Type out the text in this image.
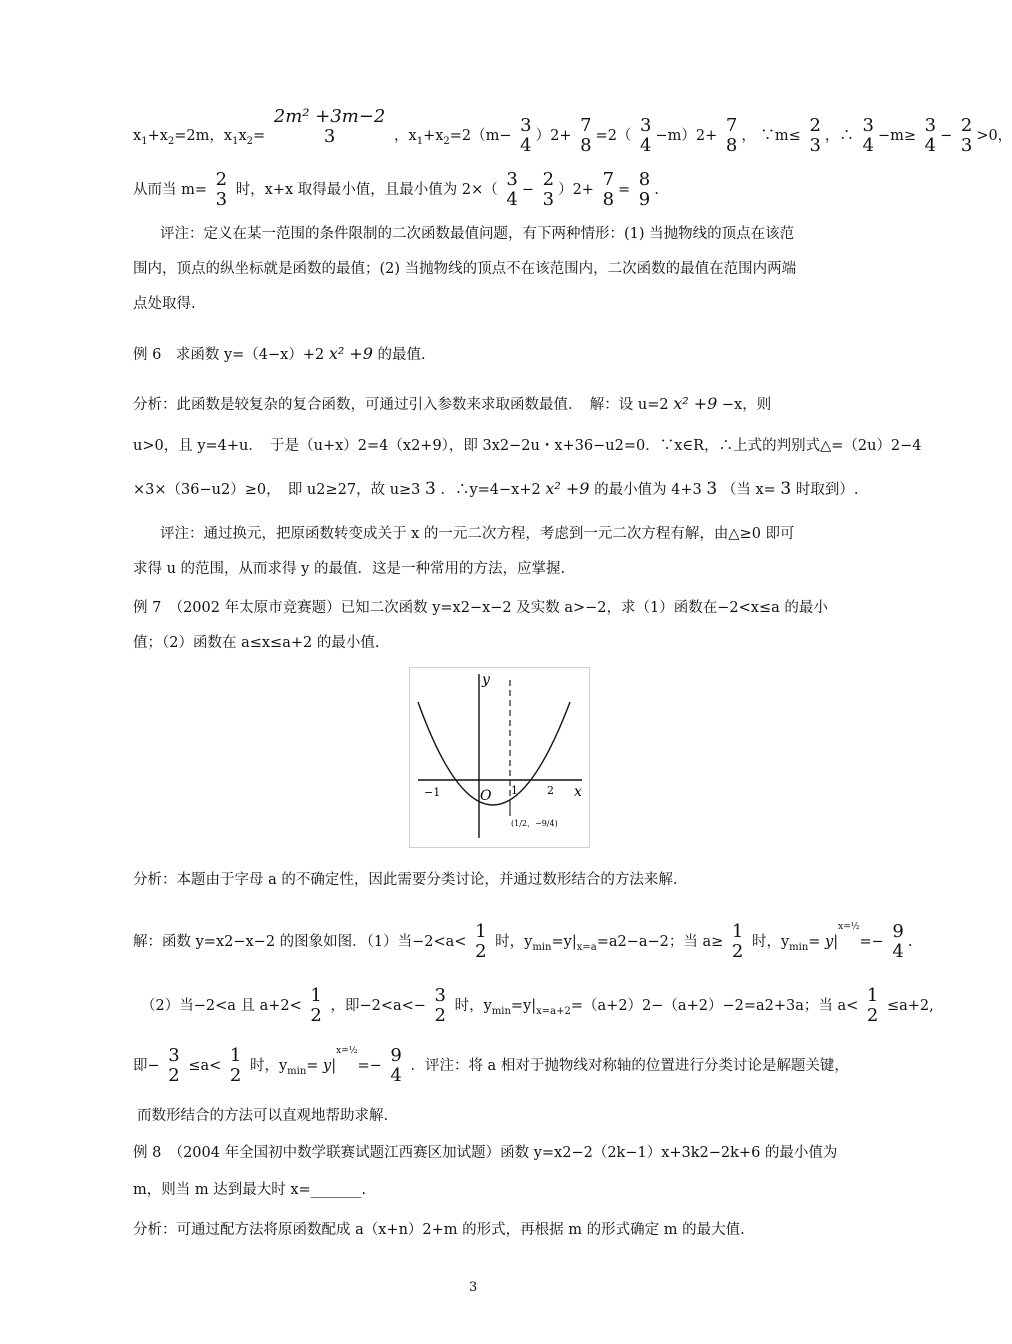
$x_1+x_2=2m$，$x_1x_2=$
2m² +3m−2
3	，$x_1+x_2=2(m- 3$
4 ）2+ 7
8 =2（ 3
4 −m）2+ 7
8 ， ∵m≤ 2
3 ，∴ 3
4 −m≥ 3
4 − 2
3 >0，
从而当 m= 2
3 时，x+x 取得最小值，且最小值为 2×（ 3
4 − 2
3 ）2+ 7
8 = 8
9 .
评注：定义在某一范围的条件限制的二次函数最值问题，有下两种情形：(1) 当抛物线的顶点在该范
围内，顶点的纵坐标就是函数的最值；(2) 当抛物线的顶点不在该范围内，二次函数的最值在范围内两端
点处取得.
例 6　求函数 y=（4−x）+2 x² +9 的最值.
分析：此函数是较复杂的复合函数，可通过引入参数来求取函数最值．　解：设 u=2 x² +9 −x，则
u>0，且 y=4+u．　于是（u+x）2=4（x2+9），即 3x2−2u・x+36−u2=0．∵x∈R，∴上式的判别式△=（2u）2−4
×3×（36−u2）≥0，　即 u2≥27，故 u≥3 3 ．∴y=4−x+2 x² +9 的最小值为 4+3 3 （当 x= 3 时取到）.
评注：通过换元，把原函数转变成关于 x 的一元二次方程，考虑到一元二次方程有解，由△≥0 即可
求得 u 的范围，从而求得 y 的最值．这是一种常用的方法，应掌握.
例 7　（2002 年太原市竞赛题）已知二次函数 y=x2−x−2 及实数 a>−2，求（1）函数在−2<x≤a 的最小
值；（2）函数在 a≤x≤a+2 的最小值.
y
x
O
−1	1	2
(1/2，−9/4)
分析：本题由于字母 a 的不确定性，因此需要分类讨论，并通过数形结合的方法来解.
解：函数 y=x2−x−2 的图象如图．（1）当−2<a< 1
2 时，$y_{min}=y|_{x=a}=a2-a-2$；当 a≥ 1
2 时，$y_{min}=$ y|x=½=− 9
4 .
（2）当−2<a 且 a+2< 1
2 ，即−2<a<− 3
2 时，$y_{min}=y|_{x=a+2}=(a+2)2-(a+2)-2=a2+3a$；当 a< 1
2 ≤a+2,
即− 3
2 ≤a< 1
2 时，$y_{min}=$ y|x=½=− 9
4 ．评注：将 a 相对于抛物线对称轴的位置进行分类讨论是解题关键，
而数形结合的方法可以直观地帮助求解.
例 8　（2004 年全国初中数学联赛试题江西赛区加试题）函数 y=x2−2（2k−1）x+3k2−2k+6 的最小值为
m，则当 m 达到最大时 x=_______.
分析：可通过配方法将原函数配成 a（x+n）2+m 的形式，再根据 m 的形式确定 m 的最大值.
3
